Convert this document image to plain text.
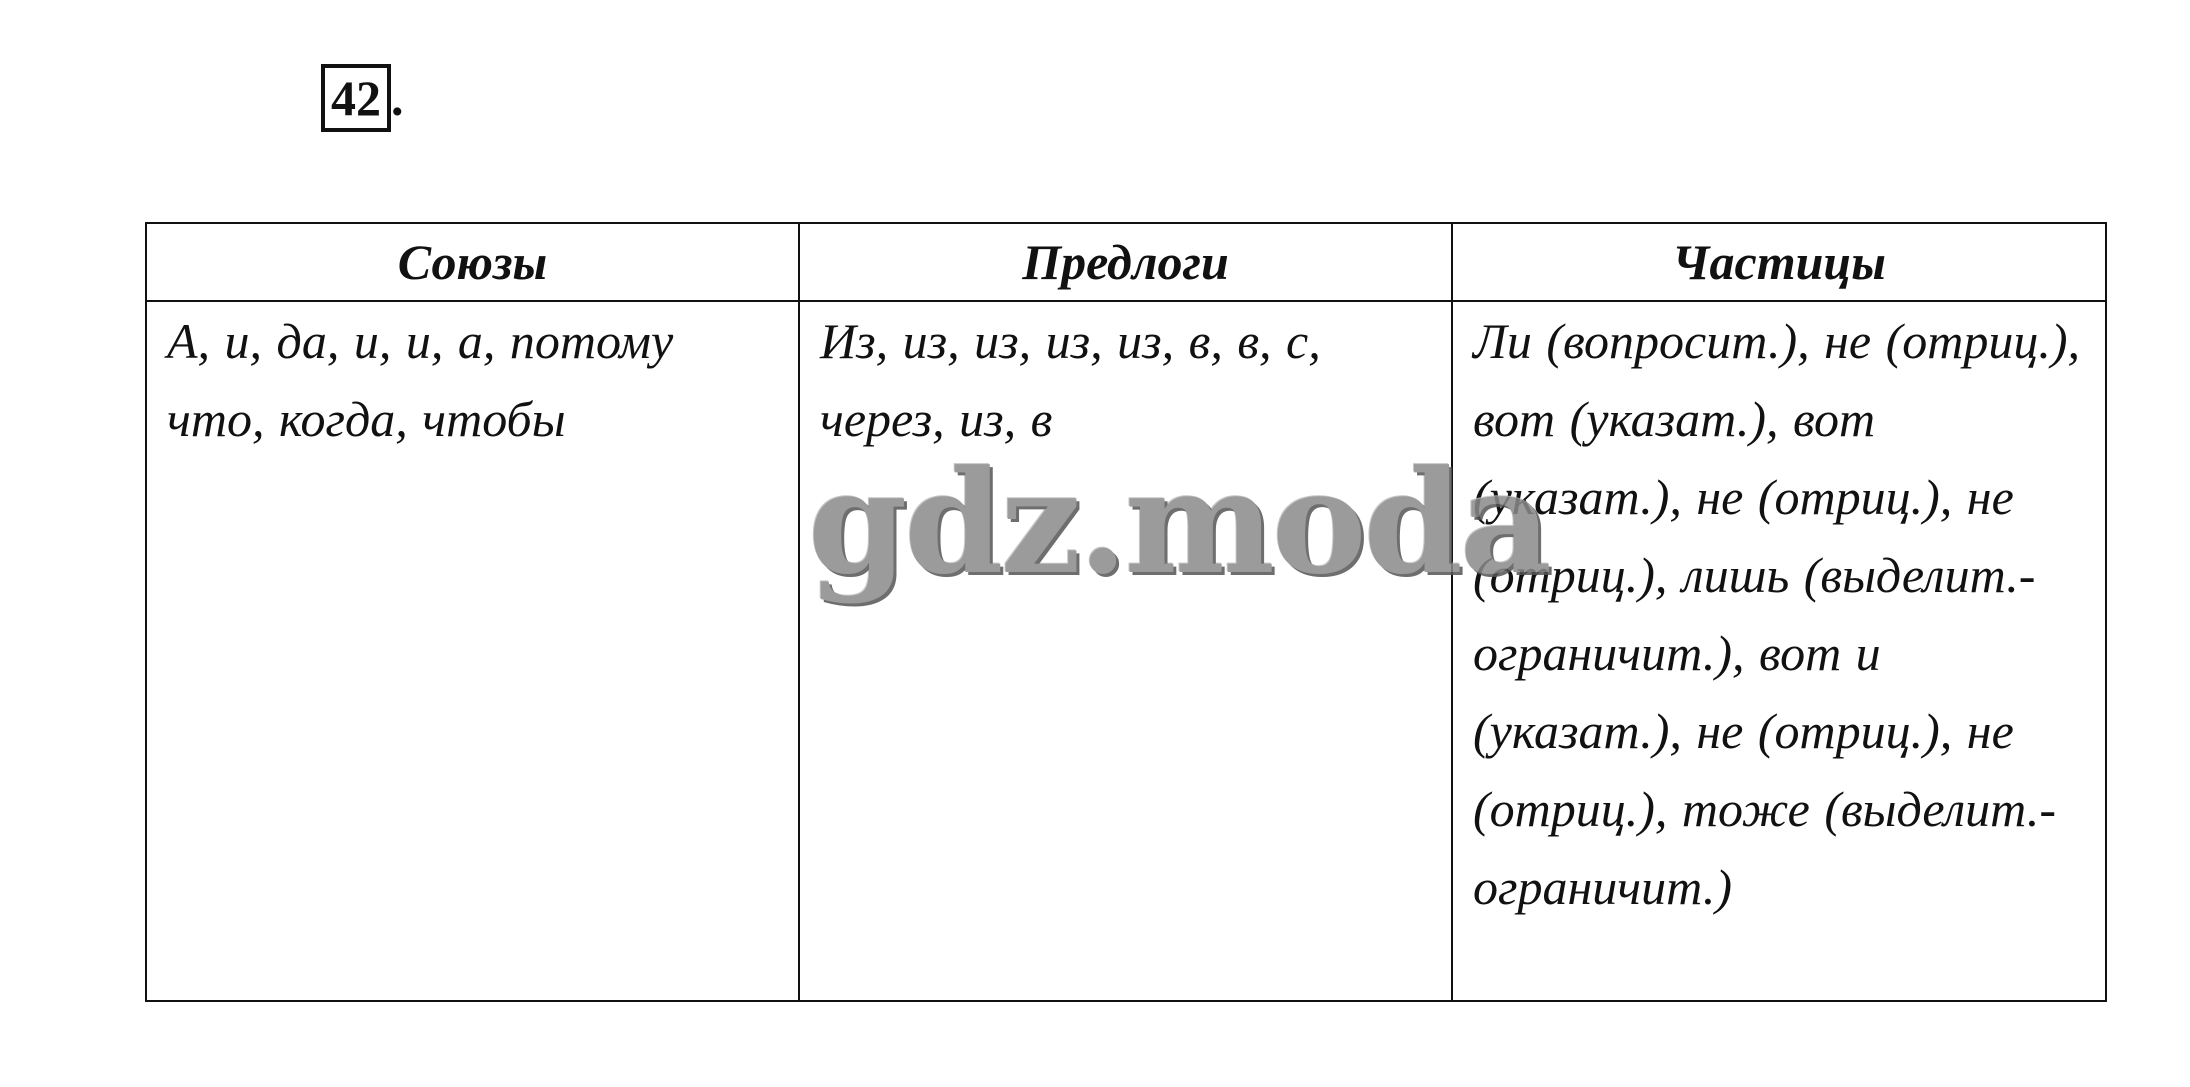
42 .
Союзы	Предлоги	Частицы
А, и, да, и, и, а, потому что, когда, чтобы	Из, из, из, из, из, в, в, с, через, из, в	Ли (вопросит.), не (отриц.), вот (указат.), вот (указат.), не (отриц.), не (отриц.), лишь (выделит.-ограничит.), вот и (указат.), не (отриц.), не (отриц.), тоже (выделит.-ограничит.)
gdz.moda
